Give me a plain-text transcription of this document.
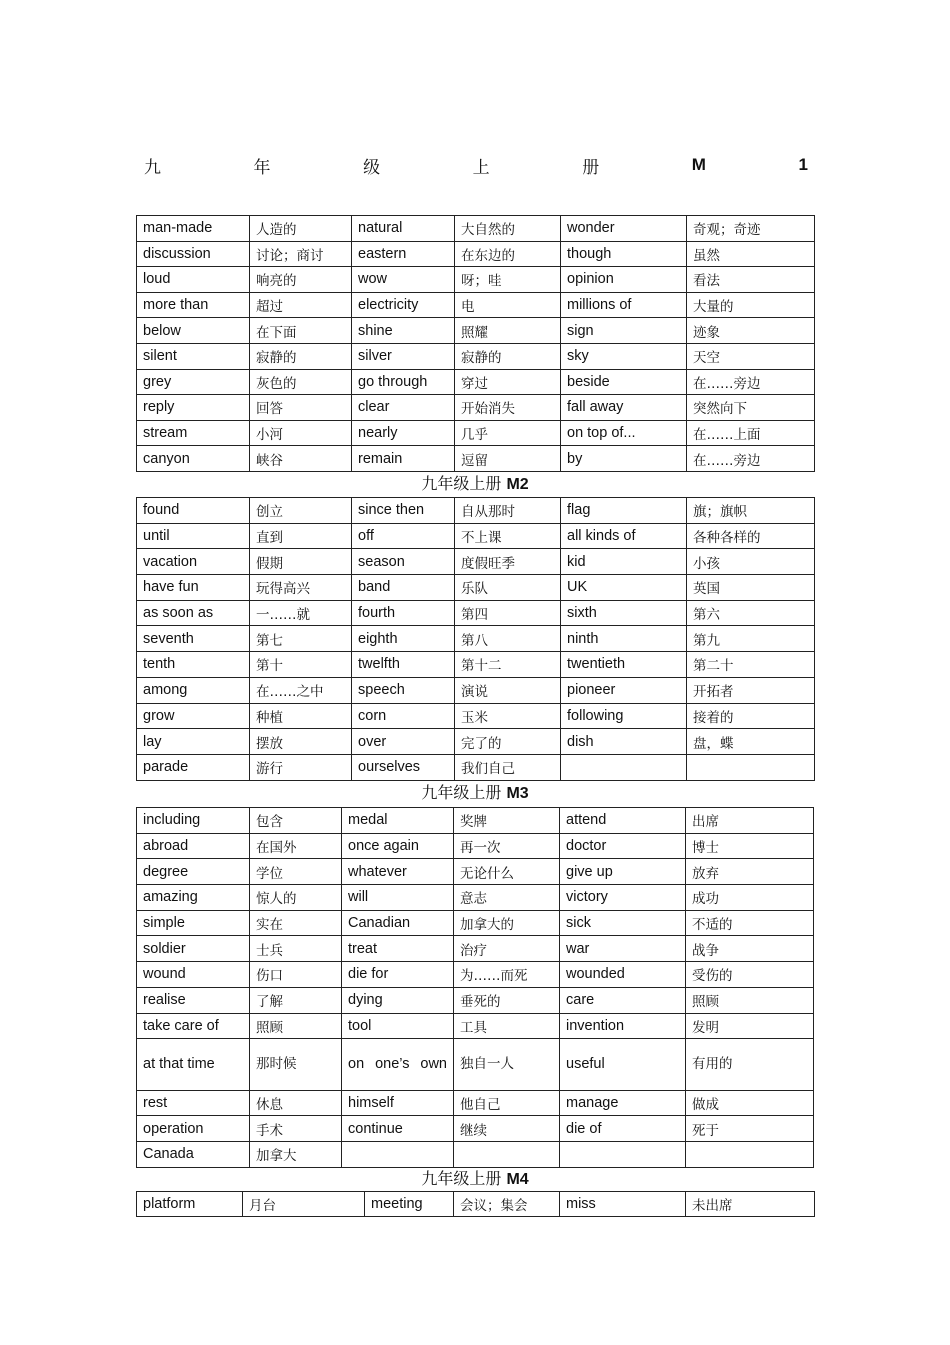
九	年	级	上	册	M	1
man-made	人造的	natural	大自然的	wonder	奇观；奇迹
discussion	讨论；商讨	eastern	在东边的	though	虽然
loud	响亮的	wow	呀；哇	opinion	看法
more than	超过	electricity	电	millions of	大量的
below	在下面	shine	照耀	sign	迹象
silent	寂静的	silver	寂静的	sky	天空
grey	灰色的	go through	穿过	beside	在……旁边
reply	回答	clear	开始消失	fall away	突然向下
stream	小河	nearly	几乎	on top of...	在……上面
canyon	峡谷	remain	逗留	by	在……旁边
九年级上册 M2
found	创立	since then	自从那时	flag	旗；旗帜
until	直到	off	不上课	all kinds of	各种各样的
vacation	假期	season	度假旺季	kid	小孩
have fun	玩得高兴	band	乐队	UK	英国
as soon as	一……就	fourth	第四	sixth	第六
seventh	第七	eighth	第八	ninth	第九
tenth	第十	twelfth	第十二	twentieth	第二十
among	在……之中	speech	演说	pioneer	开拓者
grow	种植	corn	玉米	following	接着的
lay	摆放	over	完了的	dish	盘，蝶
parade	游行	ourselves	我们自己		
九年级上册 M3
including	包含	medal	奖牌	attend	出席
abroad	在国外	once again	再一次	doctor	博士
degree	学位	whatever	无论什么	give up	放弃
amazing	惊人的	will	意志	victory	成功
simple	实在	Canadian	加拿大的	sick	不适的
soldier	士兵	treat	治疗	war	战争
wound	伤口	die for	为……而死	wounded	受伤的
realise	了解	dying	垂死的	care	照顾
take care of	照顾	tool	工具	invention	发明
at that time	那时候	on one’s own	独自一人	useful	有用的
rest	休息	himself	他自己	manage	做成
operation	手术	continue	继续	die of	死于
Canada	加拿大				
九年级上册 M4
platform	月台	meeting	会议；集会	miss	未出席
